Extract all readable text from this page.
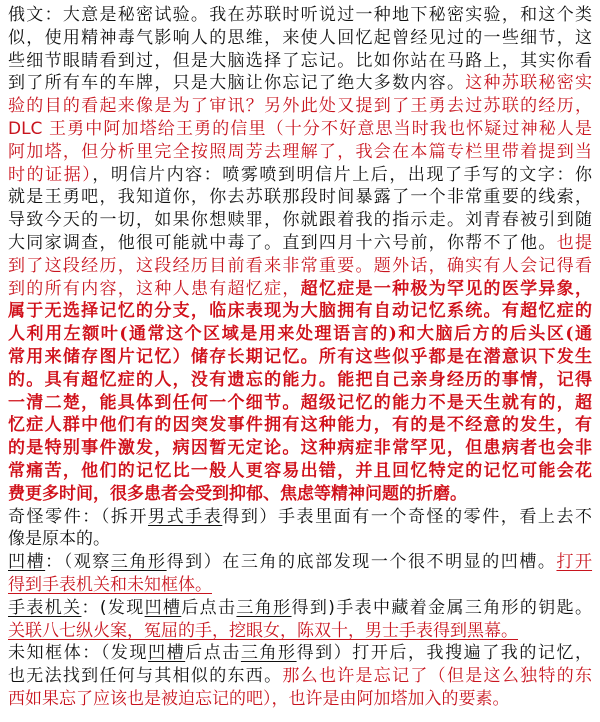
俄文：大意是秘密试验。我在苏联时听说过一种地下秘密实验，和这个类
似，使用精神毒气影响人的思维，来使人回忆起曾经见过的一些细节，这
些细节眼睛看到过，但是大脑选择了忘记。比如你站在马路上，其实你看
到了所有车的车牌，只是大脑让你忘记了绝大多数内容。这种苏联秘密实
验的目的看起来像是为了审讯？另外此处又提到了王勇去过苏联的经历，
DLC 王勇中阿加塔给王勇的信里（十分不好意思当时我也怀疑过神秘人是
阿加塔，但分析里完全按照周芳去理解了，我会在本篇专栏里带着提到当
时的证据），明信片内容：喷雾喷到明信片上后，出现了手写的文字：你
就是王勇吧，我知道你，你去苏联那段时间暴露了一个非常重要的线索，
导致今天的一切，如果你想赎罪，你就跟着我的指示走。刘青春被引到随
大同家调查，他很可能就中毒了。直到四月十六号前，你帮不了他。也提
到了这段经历，这段经历目前看来非常重要。题外话，确实有人会记得看
到的所有内容，这种人患有超忆症，超忆症是一种极为罕见的医学异象，
属于无选择记忆的分支，临床表现为大脑拥有自动记忆系统。有超忆症的
人利用左额叶(通常这个区域是用来处理语言的)和大脑后方的后头区(通
常用来储存图片记忆）储存长期记忆。所有这些似乎都是在潜意识下发生
的。具有超忆症的人，没有遗忘的能力。能把自己亲身经历的事情，记得
一清二楚，能具体到任何一个细节。超级记忆的能力不是天生就有的，超
忆症人群中他们有的因突发事件拥有这种能力，有的是不经意的发生，有
的是特别事件激发，病因暂无定论。这种病症非常罕见，但患病者也会非
常痛苦，他们的记忆比一般人更容易出错，并且回忆特定的记忆可能会花
费更多时间，很多患者会受到抑郁、焦虑等精神问题的折磨。
奇怪零件：（拆开男式手表得到）手表里面有一个奇怪的零件，看上去不
像是原本的。
凹槽：（观察三角形得到）在三角的底部发现一个很不明显的凹槽。打开
得到手表机关和未知框体。
手表机关：(发现凹槽后点击三角形得到)手表中藏着金属三角形的钥匙。
关联八七纵火案，冤屈的手，挖眼女，陈双十，男士手表得到黑幕。
未知框体：（发现凹槽后点击三角形得到）打开后，我搜遍了我的记忆，
也无法找到任何与其相似的东西。那么也许是忘记了（但是这么独特的东
西如果忘了应该也是被迫忘记的吧），也许是由阿加塔加入的要素。
